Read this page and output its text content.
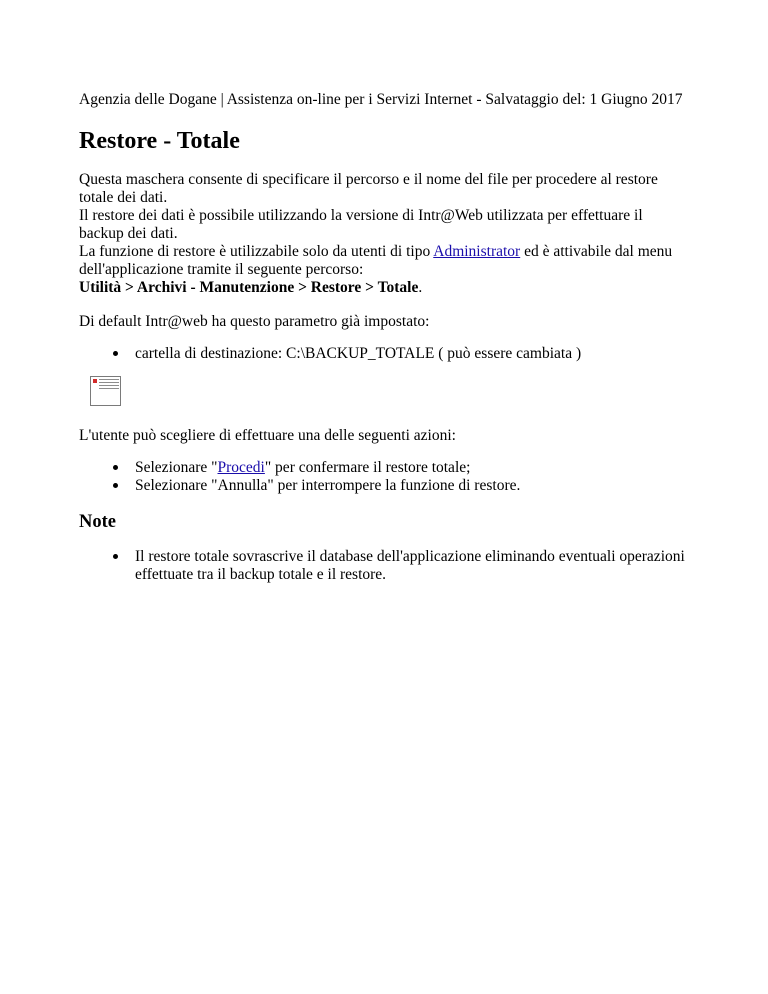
Agenzia delle Dogane | Assistenza on-line per i Servizi Internet - Salvataggio del: 1 Giugno 2017
Restore - Totale

Questa maschera consente di specificare il percorso e il nome del file per procedere al restore totale dei dati.

Il restore dei dati è possibile utilizzando la versione di Intr@Web utilizzata per effettuare il backup dei dati.

La funzione di restore è utilizzabile solo da utenti di tipo Administrator ed è attivabile dal menu dell'applicazione tramite il seguente percorso:

Utilità > Archivi - Manutenzione > Restore > Totale.

Di default Intr@web ha questo parametro già impostato:
cartella di destinazione: C:\BACKUP_TOTALE ( può essere cambiata )
L'utente può scegliere di effettuare una delle seguenti azioni:
Selezionare "Procedi" per confermare il restore totale;
Selezionare "Annulla" per interrompere la funzione di restore.
Note
Il restore totale sovrascrive il database dell'applicazione eliminando eventuali operazioni effettuate tra il backup totale e il restore.
